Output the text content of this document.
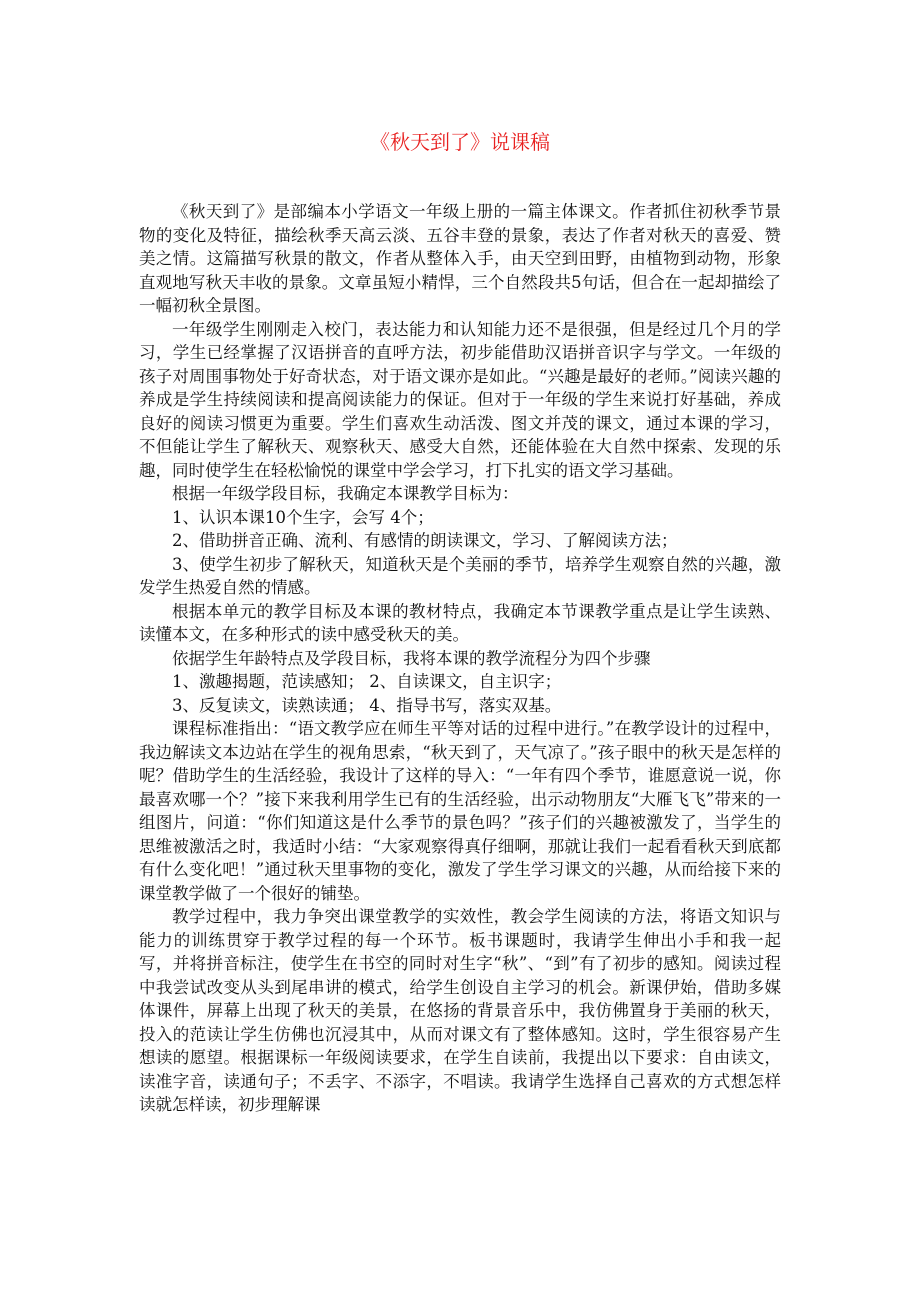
《秋天到了》说课稿

《秋天到了》是部编本小学语文一年级上册的一篇主体课文。作者抓住初秋季节景物的变化及特征，描绘秋季天高云淡、五谷丰登的景象，表达了作者对秋天的喜爱、赞美之情。这篇描写秋景的散文，作者从整体入手，由天空到田野，由植物到动物，形象直观地写秋天丰收的景象。文章虽短小精悍，三个自然段共5句话，但合在一起却描绘了一幅初秋全景图。

一年级学生刚刚走入校门，表达能力和认知能力还不是很强，但是经过几个月的学习，学生已经掌握了汉语拼音的直呼方法，初步能借助汉语拼音识字与学文。一年级的孩子对周围事物处于好奇状态，对于语文课亦是如此。“兴趣是最好的老师。”阅读兴趣的养成是学生持续阅读和提高阅读能力的保证。但对于一年级的学生来说打好基础，养成良好的阅读习惯更为重要。学生们喜欢生动活泼、图文并茂的课文，通过本课的学习，不但能让学生了解秋天、观察秋天、感受大自然，还能体验在大自然中探索、发现的乐趣，同时使学生在轻松愉悦的课堂中学会学习，打下扎实的语文学习基础。

根据一年级学段目标，我确定本课教学目标为：

1、认识本课10个生字，会写 4个；

2、借助拼音正确、流利、有感情的朗读课文，学习、了解阅读方法；

3、使学生初步了解秋天，知道秋天是个美丽的季节，培养学生观察自然的兴趣，激发学生热爱自然的情感。

根据本单元的教学目标及本课的教材特点，我确定本节课教学重点是让学生读熟、读懂本文，在多种形式的读中感受秋天的美。

依据学生年龄特点及学段目标，我将本课的教学流程分为四个步骤

1、激趣揭题，范读感知； 2、自读课文，自主识字；

3、反复读文，读熟读通； 4、指导书写，落实双基。

课程标准指出：“语文教学应在师生平等对话的过程中进行。”在教学设计的过程中，我边解读文本边站在学生的视角思索，“秋天到了，天气凉了。”孩子眼中的秋天是怎样的呢？借助学生的生活经验，我设计了这样的导入：“一年有四个季节，谁愿意说一说，你最喜欢哪一个？”接下来我利用学生已有的生活经验，出示动物朋友“大雁飞飞”带来的一组图片，问道：“你们知道这是什么季节的景色吗？”孩子们的兴趣被激发了，当学生的思维被激活之时，我适时小结：“大家观察得真仔细啊，那就让我们一起看看秋天到底都有什么变化吧！”通过秋天里事物的变化，激发了学生学习课文的兴趣，从而给接下来的课堂教学做了一个很好的铺垫。

教学过程中，我力争突出课堂教学的实效性，教会学生阅读的方法，将语文知识与能力的训练贯穿于教学过程的每一个环节。板书课题时，我请学生伸出小手和我一起写，并将拼音标注，使学生在书空的同时对生字“秋”、“到”有了初步的感知。阅读过程中我尝试改变从头到尾串讲的模式，给学生创设自主学习的机会。新课伊始，借助多媒体课件，屏幕上出现了秋天的美景，在悠扬的背景音乐中，我仿佛置身于美丽的秋天，投入的范读让学生仿佛也沉浸其中，从而对课文有了整体感知。这时，学生很容易产生想读的愿望。根据课标一年级阅读要求，在学生自读前，我提出以下要求：自由读文，读准字音，读通句子；不丢字、不添字，不唱读。我请学生选择自己喜欢的方式想怎样读就怎样读，初步理解课
